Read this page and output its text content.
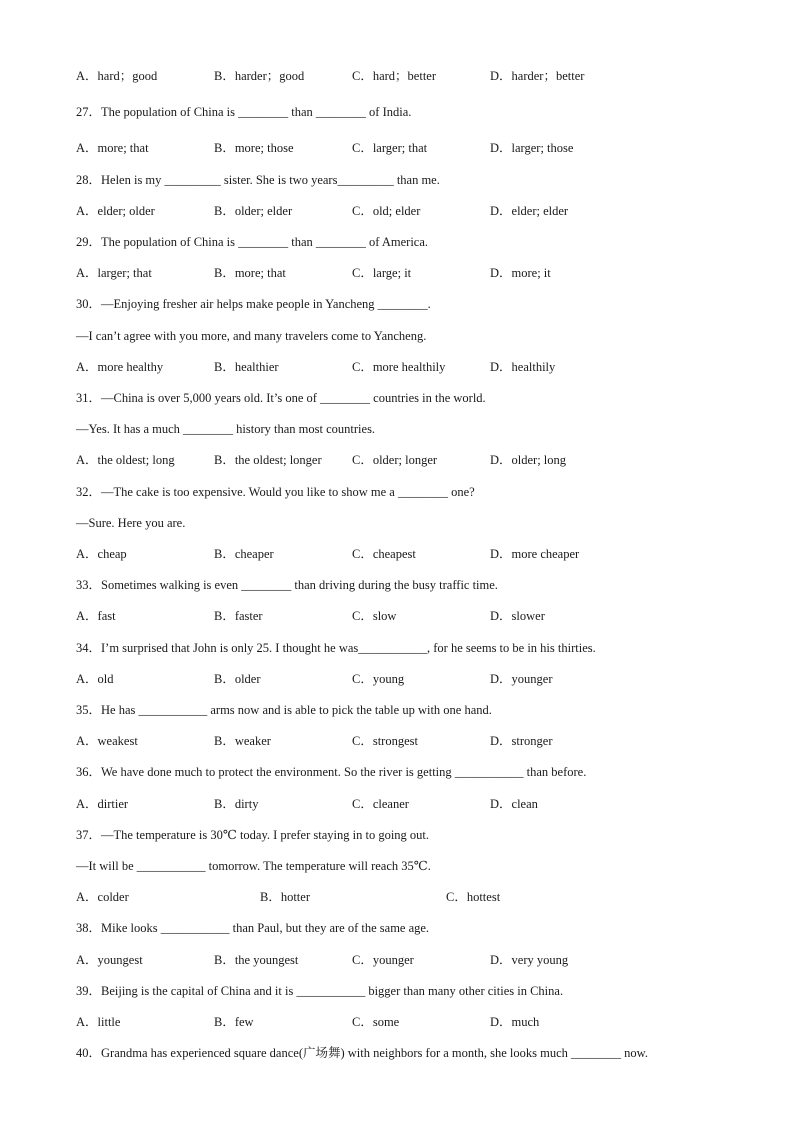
A．hard；good	B．harder；good	C．hard；better	D．harder；better
27．The population of China is ________ than ________ of India.
A．more; that	B．more; those	C．larger; that	D．larger; those
28．Helen is my _________ sister. She is two years_________ than me.
A．elder; older	B．older; elder	C．old; elder	D．elder; elder
29．The population of China is ________ than ________ of America.
A．larger; that	B．more; that	C．large; it	D．more; it
30．—Enjoying fresher air helps make people in Yancheng ________.
—I can’t agree with you more, and many travelers come to Yancheng.
A．more healthy	B．healthier	C．more healthily	D．healthily
31．—China is over 5,000 years old. It’s one of ________ countries in the world.
—Yes. It has a much ________ history than most countries.
A．the oldest; long	B．the oldest; longer C．older; longer	D．older; long
32．—The cake is too expensive. Would you like to show me a ________ one?
—Sure. Here you are.
A．cheap	B．cheaper	C．cheapest	D．more cheaper
33．Sometimes walking is even ________ than driving during the busy traffic time.
A．fast	B．faster	C．slow	D．slower
34．I’m surprised that John is only 25. I thought he was___________, for he seems to be in his thirties.
A．old	B．older	C．young	D．younger
35．He has ___________ arms now and is able to pick the table up with one hand.
A．weakest	B．weaker	C．strongest	D．stronger
36．We have done much to protect the environment. So the river is getting ___________ than before.
A．dirtier	B．dirty	C．cleaner	D．clean
37．—The temperature is 30℃ today. I prefer staying in to going out.
—It will be ___________ tomorrow. The temperature will reach 35℃.
A．colder	B．hotter	C．hottest
38．Mike looks ___________ than Paul, but they are of the same age.
A．youngest	B．the youngest	C．younger	D．very young
39．Beijing is the capital of China and it is ___________ bigger than many other cities in China.
A．little	B．few	C．some	D．much
40．Grandma has experienced square dance(广场舞) with neighbors for a month, she looks much ________ now.
